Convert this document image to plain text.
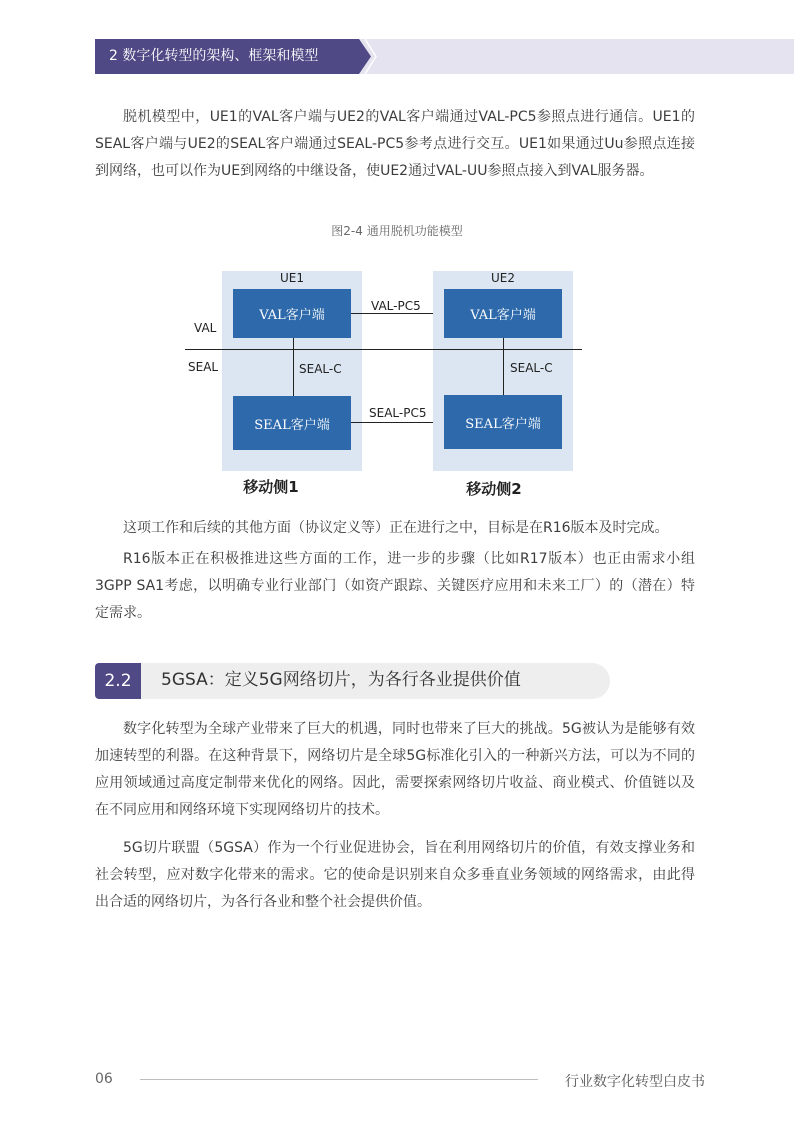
2 数字化转型的架构、框架和模型

脱机模型中，UE1的VAL客户端与UE2的VAL客户端通过VAL-PC5参照点进行通信。UE1的SEAL客户端与UE2的SEAL客户端通过SEAL-PC5参考点进行交互。UE1如果通过Uu参照点连接到网络，也可以作为UE到网络的中继设备，使UE2通过VAL-UU参照点接入到VAL服务器。

图2-4 通用脱机功能模型
UE1	UE2
VAL
SEAL	SEAL-C	SEAL-C
VAL-PC5
SEAL-PC5
VAL客户端	VAL客户端
SEAL客户端	SEAL客户端
移动侧1	移动侧2

这项工作和后续的其他方面（协议定义等）正在进行之中，目标是在R16版本及时完成。

R16版本正在积极推进这些方面的工作，进一步的步骤（比如R17版本）也正由需求小组3GPP SA1考虑，以明确专业行业部门（如资产跟踪、关键医疗应用和未来工厂）的（潜在）特定需求。

2.2	5GSA：定义5G网络切片，为各行各业提供价值

数字化转型为全球产业带来了巨大的机遇，同时也带来了巨大的挑战。5G被认为是能够有效加速转型的利器。在这种背景下，网络切片是全球5G标准化引入的一种新兴方法，可以为不同的应用领域通过高度定制带来优化的网络。因此，需要探索网络切片收益、商业模式、价值链以及在不同应用和网络环境下实现网络切片的技术。

5G切片联盟（5GSA）作为一个行业促进协会，旨在利用网络切片的价值，有效支撑业务和社会转型，应对数字化带来的需求。它的使命是识别来自众多垂直业务领域的网络需求，由此得出合适的网络切片，为各行各业和整个社会提供价值。

06	行业数字化转型白皮书
